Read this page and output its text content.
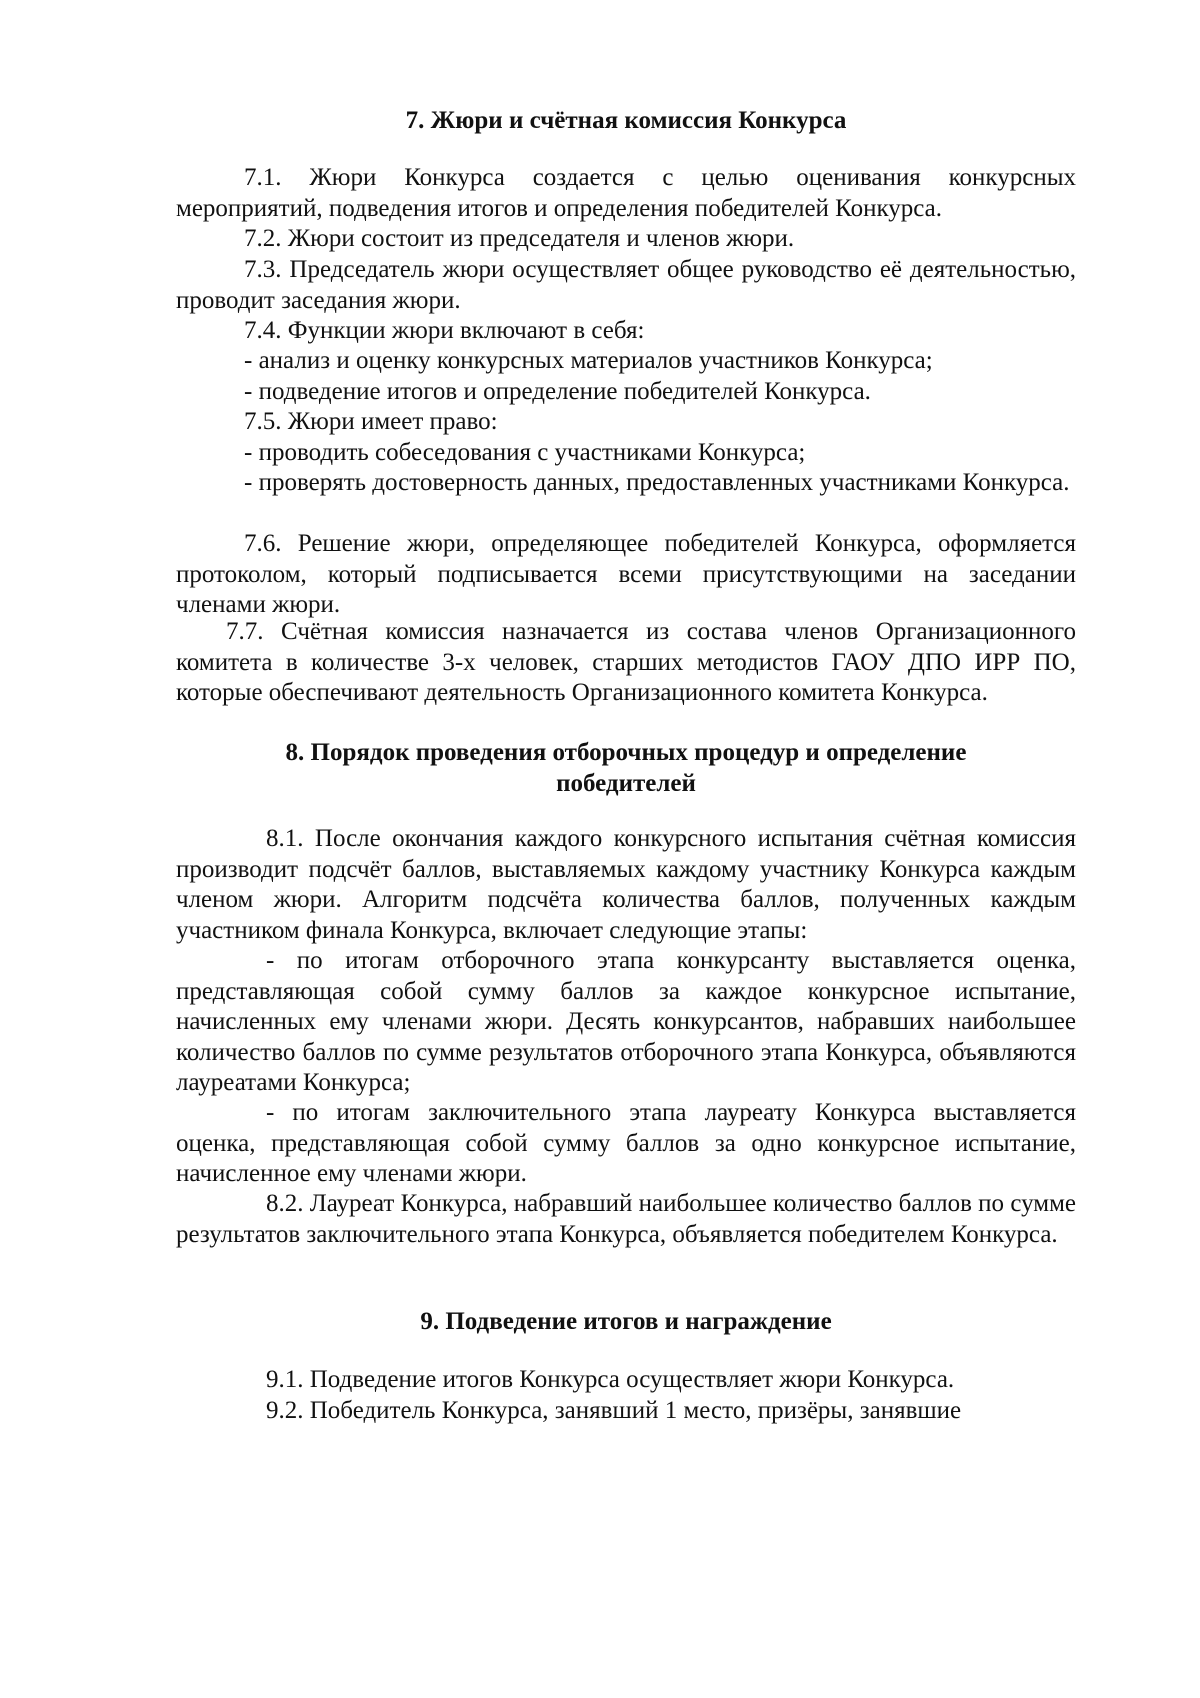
7. Жюри и счётная комиссия Конкурса

7.1. Жюри Конкурса создается с целью оценивания конкурсных мероприятий, подведения итогов и определения победителей Конкурса.

7.2. Жюри состоит из председателя и членов жюри.

7.3. Председатель жюри осуществляет общее руководство её деятельностью, проводит заседания жюри.

7.4. Функции жюри включают в себя:

- анализ и оценку конкурсных материалов участников Конкурса;

- подведение итогов и определение победителей Конкурса.

7.5. Жюри имеет право:

- проводить собеседования с участниками Конкурса;

- проверять достоверность данных, предоставленных участниками Конкурса.

7.6. Решение жюри, определяющее победителей Конкурса, оформляется протоколом, который подписывается всеми присутствующими на заседании членами жюри.

7.7. Счётная комиссия назначается из состава членов Организационного комитета в количестве 3-х человек, старших методистов ГАОУ ДПО ИРР ПО, которые обеспечивают деятельность Организационного комитета Конкурса.

8. Порядок проведения отборочных процедур и определение
победителей

8.1. После окончания каждого конкурсного испытания счётная комиссия производит подсчёт баллов, выставляемых каждому участнику Конкурса каждым членом жюри. Алгоритм подсчёта количества баллов, полученных каждым участником финала Конкурса, включает следующие этапы:

- по итогам отборочного этапа конкурсанту выставляется оценка, представляющая собой сумму баллов за каждое конкурсное испытание, начисленных ему членами жюри. Десять конкурсантов, набравших наибольшее количество баллов по сумме результатов отборочного этапа Конкурса, объявляются лауреатами Конкурса;

- по итогам заключительного этапа лауреату Конкурса выставляется оценка, представляющая собой сумму баллов за одно конкурсное испытание, начисленное ему членами жюри.

8.2. Лауреат Конкурса, набравший наибольшее количество баллов по сумме результатов заключительного этапа Конкурса, объявляется победителем Конкурса.

9. Подведение итогов и награждение

9.1. Подведение итогов Конкурса осуществляет жюри Конкурса.

9.2. Победитель Конкурса, занявший 1 место, призёры, занявшие
